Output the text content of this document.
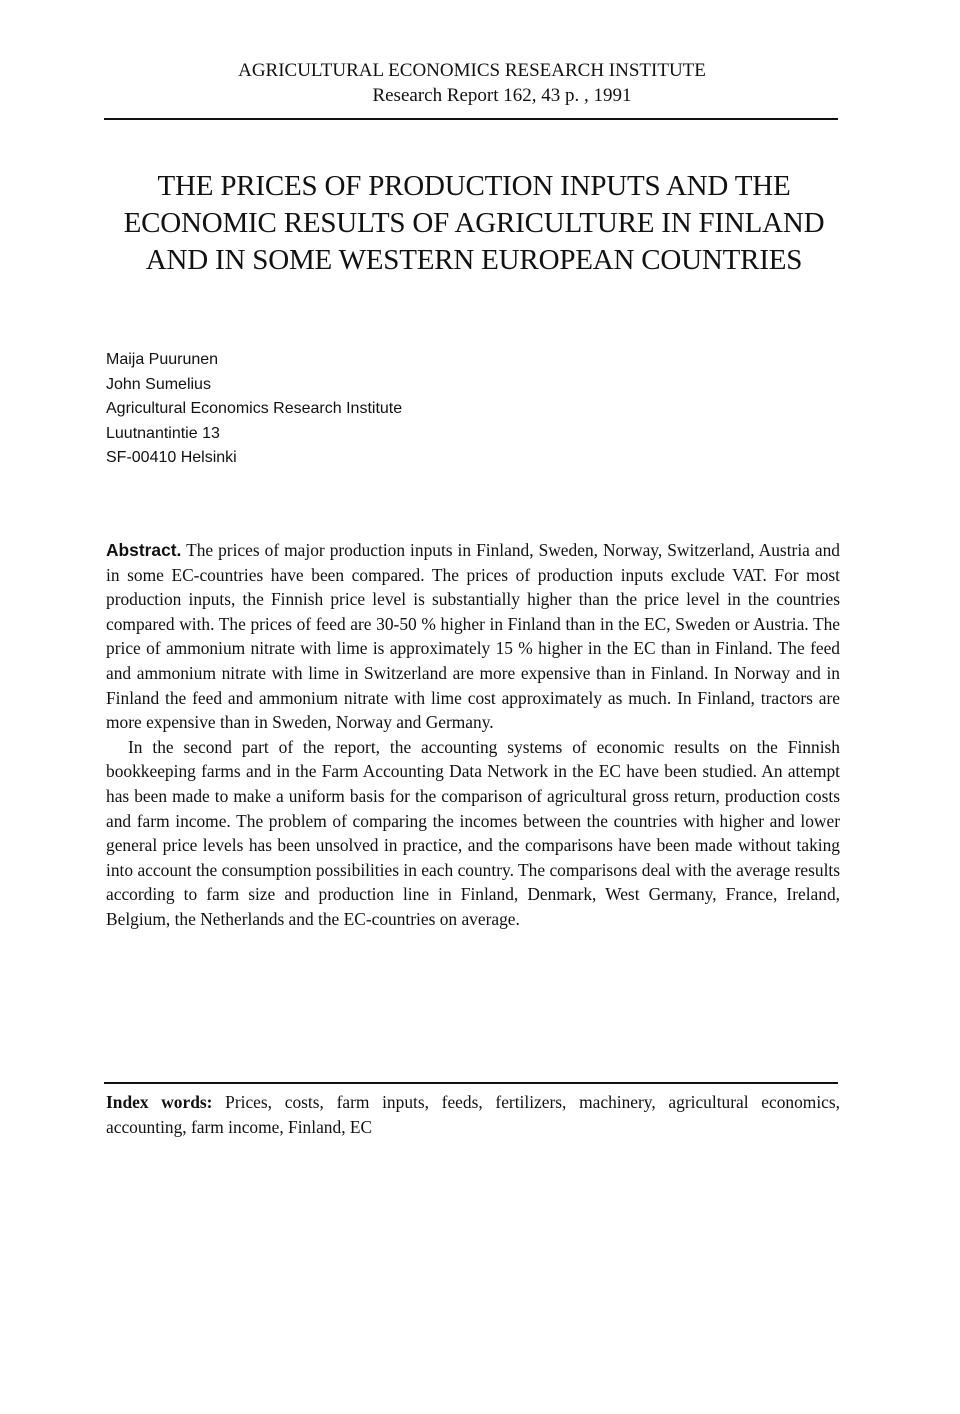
AGRICULTURAL ECONOMICS RESEARCH INSTITUTE
Research Report 162, 43 p. , 1991
THE PRICES OF PRODUCTION INPUTS AND THE
ECONOMIC RESULTS OF AGRICULTURE IN FINLAND
AND IN SOME WESTERN EUROPEAN COUNTRIES
Maija Puurunen
John Sumelius
Agricultural Economics Research Institute
Luutnantintie 13
SF-00410 Helsinki

Abstract. The prices of major production inputs in Finland, Sweden, Norway, Switzerland, Austria and in some EC-countries have been compared. The prices of production inputs exclude VAT. For most production inputs, the Finnish price level is substantially higher than the price level in the countries compared with. The prices of feed are 30-50 % higher in Finland than in the EC, Sweden or Austria. The price of ammonium nitrate with lime is approximately 15 % higher in the EC than in Finland. The feed and ammonium nitrate with lime in Switzerland are more expensive than in Finland. In Norway and in Finland the feed and ammonium nitrate with lime cost approximately as much. In Finland, tractors are more expensive than in Sweden, Norway and Germany.

In the second part of the report, the accounting systems of economic results on the Finnish bookkeeping farms and in the Farm Accounting Data Network in the EC have been studied. An attempt has been made to make a uniform basis for the comparison of agricultural gross return, production costs and farm income. The problem of comparing the incomes between the countries with higher and lower general price levels has been unsolved in practice, and the comparisons have been made without taking into account the consumption possibilities in each country. The comparisons deal with the average results according to farm size and production line in Finland, Denmark, West Germany, France, Ireland, Belgium, the Netherlands and the EC-countries on average.

Index words: Prices, costs, farm inputs, feeds, fertilizers, machinery, agricultural economics, accounting, farm income, Finland, EC
